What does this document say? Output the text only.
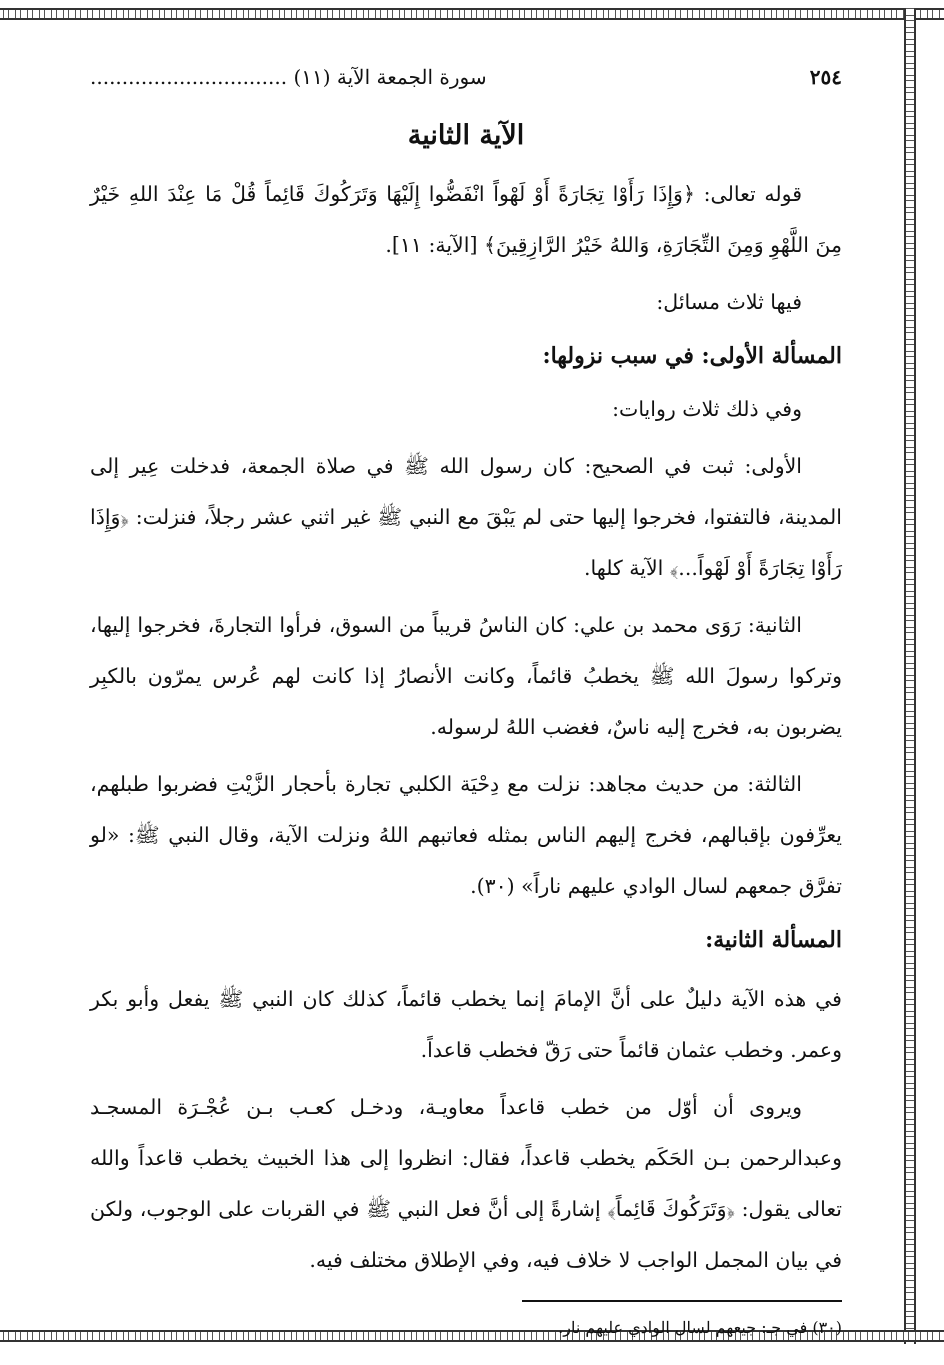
٢٥٤
سورة الجمعة الآية (١١) ...............................
الآية الثانية

قوله تعالى: ﴿وَإِذَا رَأَوْا تِجَارَةً أَوْ لَهْواً انْفَضُّوا إِلَيْهَا وَتَرَكُوكَ قَائِماً قُلْ مَا عِنْدَ اللهِ خَيْرٌ مِنَ اللَّهْوِ وَمِنَ التِّجَارَةِ، وَاللهُ خَيْرُ الرَّازِقِينَ﴾ [الآية: ١١].

فيها ثلاث مسائل:

المسألة الأولى: في سبب نزولها:

وفي ذلك ثلاث روايات:

الأولى: ثبت في الصحيح: كان رسول الله ﷺ في صلاة الجمعة، فدخلت عِير إلى المدينة، فالتفتوا، فخرجوا إليها حتى لم يَبْقَ مع النبي ﷺ غير اثني عشر رجلاً، فنزلت: ﴿وَإِذَا رَأَوْا تِجَارَةً أَوْ لَهْواً...﴾ الآية كلها.

الثانية: رَوَى محمد بن علي: كان الناسُ قريباً من السوق، فرأوا التجارةَ، فخرجوا إليها، وتركوا رسولَ الله ﷺ يخطبُ قائماً، وكانت الأنصارُ إذا كانت لهم عُرس يمرّون بالكبِر يضربون به، فخرج إليه ناسٌ، فغضب اللهُ لرسوله.

الثالثة: من حديث مجاهد: نزلت مع دِحْيَة الكلبي تجارة بأحجار الزَّيْتِ فضربوا طبلهم، يعرِّفون بإقبالهم، فخرج إليهم الناس بمثله فعاتبهم اللهُ ونزلت الآية، وقال النبي ﷺ: «لو تفرَّق جمعهم لسال الوادي عليهم ناراً» (٣٠).

المسألة الثانية:

في هذه الآية دليلٌ على أنَّ الإمامَ إنما يخطب قائماً، كذلك كان النبي ﷺ يفعل وأبو بكر وعمر. وخطب عثمان قائماً حتى رَقّ فخطب قاعداً.

ويروى أن أوّل من خطب قاعداً معاويـة، ودخـل كعـب بـن عُجْـرَة المسجـد وعبدالرحمن بـن الحَكَم يخطب قاعداً، فقال: انظروا إلى هذا الخبيث يخطب قاعداً والله تعالى يقول: ﴿وَتَرَكُوكَ قَائِماً﴾ إشارةً إلى أنَّ فعل النبي ﷺ في القربات على الوجوب، ولكن في بيان المجمل الواجب لا خلاف فيه، وفي الإطلاق مختلف فيه.

(٣٠) في جـ: جيعهم لسال الوادي عليهم نار.
